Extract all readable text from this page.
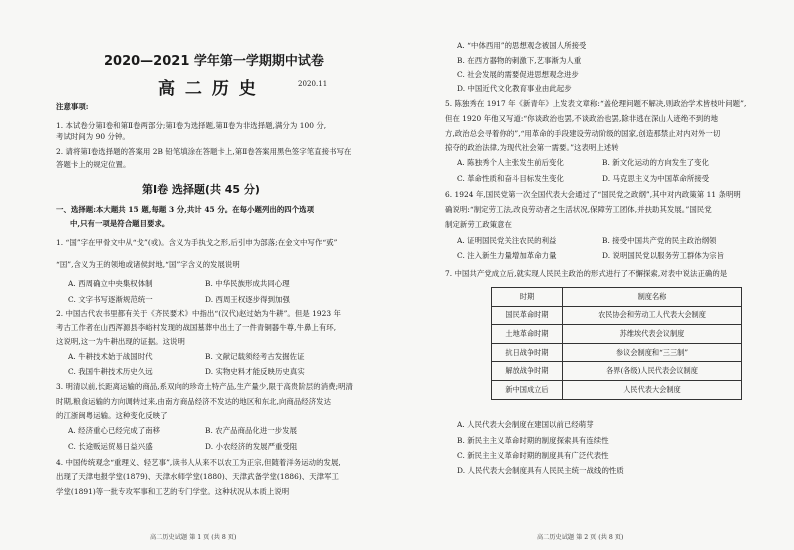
2020—2021 学年第一学期期中试卷
高 二 历 史	2020.11
注意事项:
1. 本试卷分第Ⅰ卷和第Ⅱ卷两部分;第Ⅰ卷为选择题,第Ⅱ卷为非选择题,满分为 100 分,
考试时间为 90 分钟。
2. 请将第Ⅰ卷选择题的答案用 2B 铅笔填涂在答题卡上,第Ⅱ卷答案用黑色签字笔直接书写在
答题卡上的规定位置。
第Ⅰ卷 选择题(共 45 分)
一、选择题:本大题共 15 题,每题 3 分,共计 45 分。在每小题列出的四个选项
中,只有一项是符合题目要求。
1. “国”字在甲骨文中从“戈”(戓)。含义为手执戈之形,后引申为部落;在金文中写作“戜”
“囯”,含义为王的领地或诸侯封地,“国”字含义的发展说明
A. 西周确立中央集权体制	B. 中华民族形成共同心理
C. 文字书写逐渐规范统一	D. 西周王权逐步得到加强
2. 中国古代农书里都有关于《齐民要术》中指出“(汉代)赵过始为牛耕”。但是 1923 年
考古工作者在山西浑源县李峪村发现的战国墓葬中出土了一件青铜器牛尊,牛鼻上有环,
这说明,这一为牛耕出现的证据。这说明
A. 牛耕技术始于战国时代	B. 文献记载须经考古发掘佐证
C. 我国牛耕技术历史久远	D. 实物史料才能反映历史真实
3. 明清以前,长距离运输的商品,系双向的珍奇土特产品,生产量少,限于高贵阶层的消费;明清
时期,粮食运输的方向调转过来,由南方商品经济不发达的地区和东北,向商品经济发达
的江浙闽粤运输。这种变化反映了
A. 经济重心已经完成了南移	B. 农产品商品化进一步发展
C. 长途贩运贸易日益兴盛	D. 小农经济的发展严重受阻
4. 中国传统观念“重理义、轻艺事”,读书人从来不以农工为正宗,但随着洋务运动的发展,
出现了天津电报学堂(1879)、天津水师学堂(1880)、天津武备学堂(1886)、天津军工
学堂(1891)等一批专攻军事和工艺的专门学堂。这种状况从本质上说明
高二历史试题 第 1 页 (共 8 页)
A. “中体西用”的思想观念被国人所接受
B. 在西方器物的刺激下,艺事渐为人重
C. 社会发展的需要促进思想观念进步
D. 中国近代文化教育事业由此起步
5. 陈独秀在 1917 年《新青年》上发表文章称:“盖伦理问题不解决,则政治学术皆枝叶问题”,
但在 1920 年他又写道:“你谈政治也罢,不谈政治也罢,除非逃在深山人迹绝不到的地
方,政治总会寻着你的”,“用革命的手段建设劳动阶级的国家,创造那禁止对内对外一切
掠夺的政治法律,为现代社会第一需要。”这表明上述转
A. 陈独秀个人主张发生前后变化	B. 新文化运动的方向发生了变化
C. 革命性质和奋斗目标发生变化	D. 马克思主义为中国革命所接受
6. 1924 年,国民党第一次全国代表大会通过了“国民党之政纲”,其中对内政策第 11 条明明
确说明:“制定劳工法,改良劳动者之生活状况,保障劳工团体,并扶助其发展。”国民党
制定新劳工政策意在
A. 证明国民党关注农民的利益	B. 接受中国共产党的民主政治纲领
C. 注入新生力量增加革命力量	D. 说明国民党以服务劳工群体为宗旨
7. 中国共产党成立后,就实现人民民主政治的形式进行了不懈探索,对表中说法正确的是
时期	制度名称
国民革命时期	农民协会和劳动工人代表大会制度
土地革命时期	苏维埃代表会议制度
抗日战争时期	参议会制度和“三三制”
解放战争时期	各界(各级)人民代表会议制度
新中国成立后	人民代表大会制度
A. 人民代表大会制度在建国以前已经萌芽
B. 新民主主义革命时期的制度探索具有连续性
C. 新民主主义革命时期的制度具有广泛代表性
D. 人民代表大会制度具有人民民主统一战线的性质
高二历史试题 第 2 页 (共 8 页)
